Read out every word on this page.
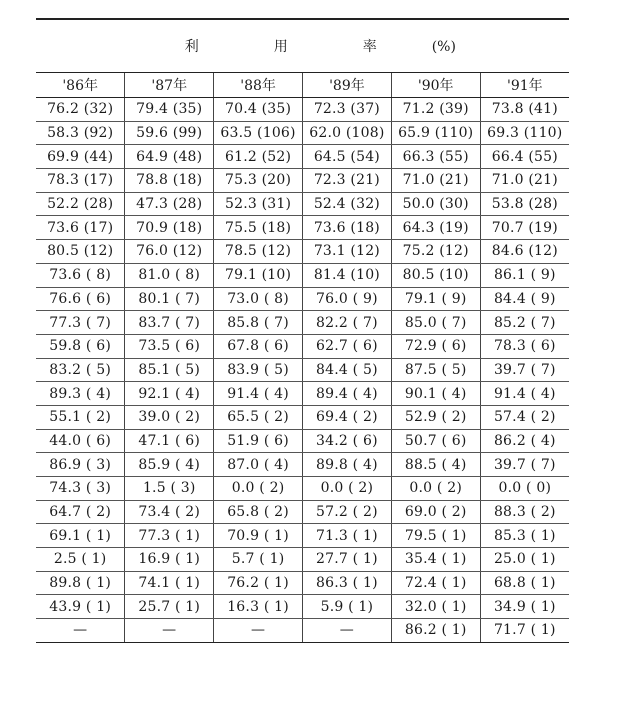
利 用 率 (%)					

'86年	'87年	'88年	'89年	'90年	'91年
76.2 (32)	79.4 (35)	70.4 (35)	72.3 (37)	71.2 (39)	73.8 (41)
58.3 (92)	59.6 (99)	63.5 (106)	62.0 (108)	65.9 (110)	69.3 (110)
69.9 (44)	64.9 (48)	61.2 (52)	64.5 (54)	66.3 (55)	66.4 (55)
78.3 (17)	78.8 (18)	75.3 (20)	72.3 (21)	71.0 (21)	71.0 (21)
52.2 (28)	47.3 (28)	52.3 (31)	52.4 (32)	50.0 (30)	53.8 (28)
73.6 (17)	70.9 (18)	75.5 (18)	73.6 (18)	64.3 (19)	70.7 (19)
80.5 (12)	76.0 (12)	78.5 (12)	73.1 (12)	75.2 (12)	84.6 (12)
73.6 ( 8)	81.0 ( 8)	79.1 (10)	81.4 (10)	80.5 (10)	86.1 ( 9)
76.6 ( 6)	80.1 ( 7)	73.0 ( 8)	76.0 ( 9)	79.1 ( 9)	84.4 ( 9)
77.3 ( 7)	83.7 ( 7)	85.8 ( 7)	82.2 ( 7)	85.0 ( 7)	85.2 ( 7)
59.8 ( 6)	73.5 ( 6)	67.8 ( 6)	62.7 ( 6)	72.9 ( 6)	78.3 ( 6)
83.2 ( 5)	85.1 ( 5)	83.9 ( 5)	84.4 ( 5)	87.5 ( 5)	39.7 ( 7)
89.3 ( 4)	92.1 ( 4)	91.4 ( 4)	89.4 ( 4)	90.1 ( 4)	91.4 ( 4)
55.1 ( 2)	39.0 ( 2)	65.5 ( 2)	69.4 ( 2)	52.9 ( 2)	57.4 ( 2)
44.0 ( 6)	47.1 ( 6)	51.9 ( 6)	34.2 ( 6)	50.7 ( 6)	86.2 ( 4)
86.9 ( 3)	85.9 ( 4)	87.0 ( 4)	89.8 ( 4)	88.5 ( 4)	39.7 ( 7)
74.3 ( 3)	1.5 ( 3)	0.0 ( 2)	0.0 ( 2)	0.0 ( 2)	0.0 ( 0)
64.7 ( 2)	73.4 ( 2)	65.8 ( 2)	57.2 ( 2)	69.0 ( 2)	88.3 ( 2)
69.1 ( 1)	77.3 ( 1)	70.9 ( 1)	71.3 ( 1)	79.5 ( 1)	85.3 ( 1)
2.5 ( 1)	16.9 ( 1)	5.7 ( 1)	27.7 ( 1)	35.4 ( 1)	25.0 ( 1)
89.8 ( 1)	74.1 ( 1)	76.2 ( 1)	86.3 ( 1)	72.4 ( 1)	68.8 ( 1)
43.9 ( 1)	25.7 ( 1)	16.3 ( 1)	5.9 ( 1)	32.0 ( 1)	34.9 ( 1)
—	—	—	—	86.2 ( 1)	71.7 ( 1)
